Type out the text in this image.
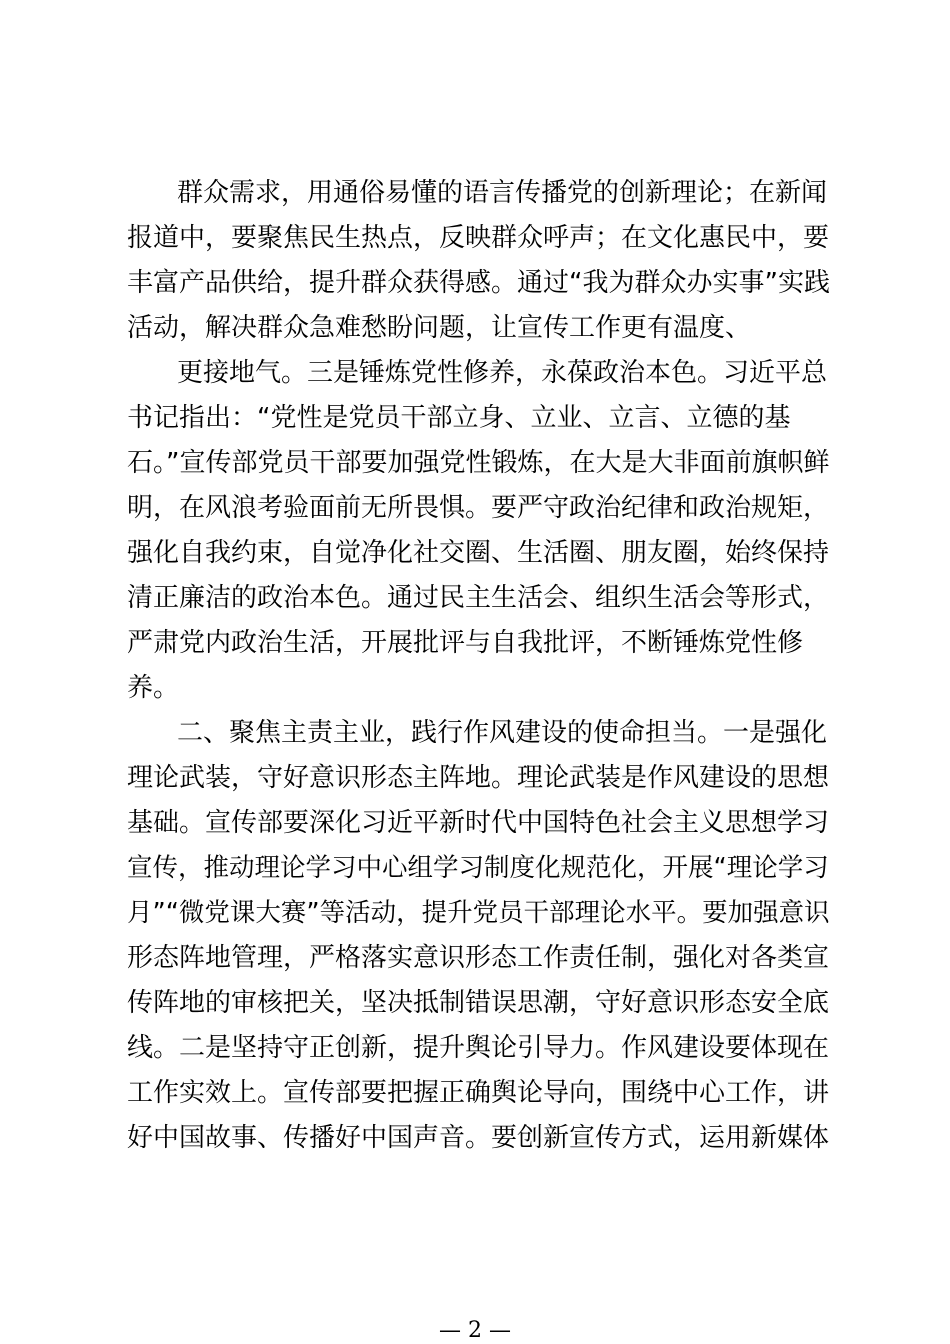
群众需求，用通俗易懂的语言传播党的创新理论；在新闻
报道中，要聚焦民生热点，反映群众呼声；在文化惠民中，要
丰富产品供给，提升群众获得感。通过“我为群众办实事”实践
活动，解决群众急难愁盼问题，让宣传工作更有温度、
更接地气。三是锤炼党性修养，永葆政治本色。习近平总
书记指出：“党性是党员干部立身、立业、立言、立德的基
石。”宣传部党员干部要加强党性锻炼，在大是大非面前旗帜鲜
明，在风浪考验面前无所畏惧。要严守政治纪律和政治规矩，
强化自我约束，自觉净化社交圈、生活圈、朋友圈，始终保持
清正廉洁的政治本色。通过民主生活会、组织生活会等形式，
严肃党内政治生活，开展批评与自我批评，不断锤炼党性修
养。
二、聚焦主责主业，践行作风建设的使命担当。一是强化
理论武装，守好意识形态主阵地。理论武装是作风建设的思想
基础。宣传部要深化习近平新时代中国特色社会主义思想学习
宣传，推动理论学习中心组学习制度化规范化，开展“理论学习
月”“微党课大赛”等活动，提升党员干部理论水平。要加强意识
形态阵地管理，严格落实意识形态工作责任制，强化对各类宣
传阵地的审核把关，坚决抵制错误思潮，守好意识形态安全底
线。二是坚持守正创新，提升舆论引导力。作风建设要体现在
工作实效上。宣传部要把握正确舆论导向，围绕中心工作，讲
好中国故事、传播好中国声音。要创新宣传方式，运用新媒体
— 2 —
